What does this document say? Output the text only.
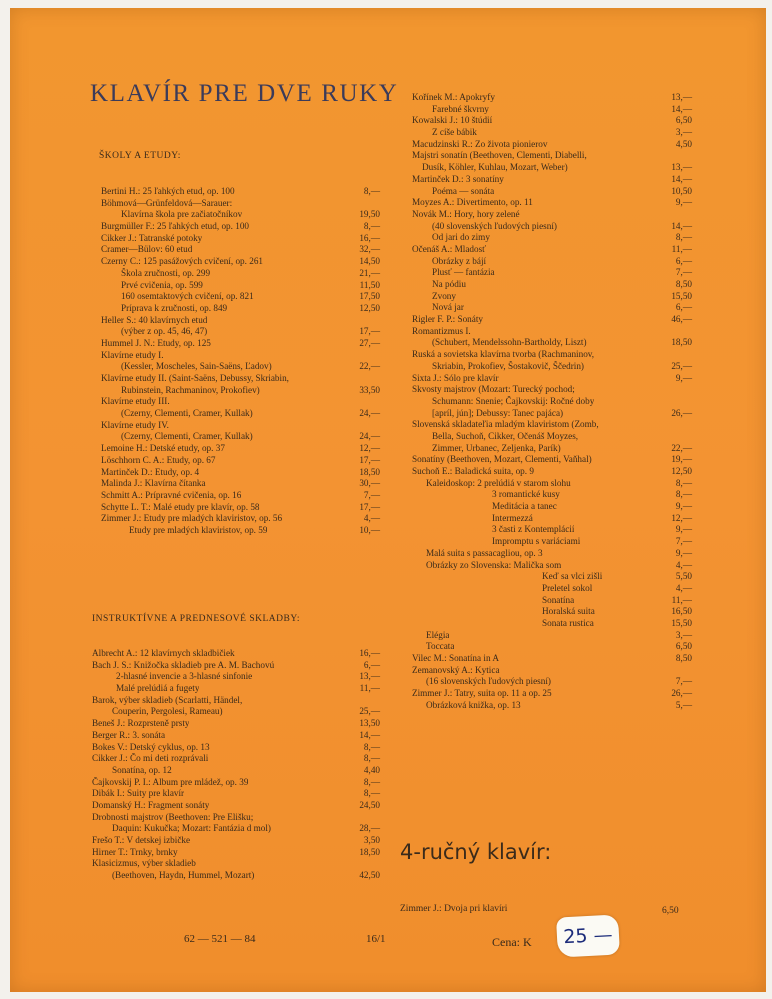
KLAVÍR PRE DVE RUKY
ŠKOLY A ETUDY:
Bertini H.: 25 ľahkých etud, op. 100	8,—
Böhmová—Grünfeldová—Sarauer:
Klavírna škola pre začiatočníkov	19,50
Burgmüller F.: 25 ľahkých etud, op. 100	8,—
Cikker J.: Tatranské potoky	16,—
Cramer—Bülov: 60 etud	32,—
Czerny C.: 125 pasážových cvičení, op. 261	14,50
Škola zručnosti, op. 299	21,—
Prvé cvičenia, op. 599	11,50
160 osemtaktových cvičení, op. 821	17,50
Príprava k zručnosti, op. 849	12,50
Heller S.: 40 klavírnych etud
(výber z op. 45, 46, 47)	17,—
Hummel J. N.: Etudy, op. 125	27,—
Klavírne etudy I.
(Kessler, Moscheles, Sain-Saëns, Ľadov)	22,—
Klavírne etudy II. (Saint-Saëns, Debussy, Skriabin,
Rubinstein, Rachmaninov, Prokofiev)	33,50
Klavírne etudy III.
(Czerny, Clementi, Cramer, Kullak)	24,—
Klavírne etudy IV.
(Czerny, Clementi, Cramer, Kullak)	24,—
Lemoine H.: Detské etudy, op. 37	12,—
Löschhorn C. A.: Etudy, op. 67	17,—
Martinček D.: Etudy, op. 4	18,50
Malinda J.: Klavírna čítanka	30,—
Schmitt A.: Prípravné cvičenia, op. 16	7,—
Schytte L. T.: Malé etudy pre klavír, op. 58	17,—
Zimmer J.: Etudy pre mladých klaviristov, op. 56	4,—
Etudy pre mladých klaviristov, op. 59	10,—
INSTRUKTÍVNE A PREDNESOVÉ SKLADBY:
Albrecht A.: 12 klavírnych skladbičiek	16,—
Bach J. S.: Knižočka skladieb pre A. M. Bachovú	6,—
2-hlasné invencie a 3-hlasné sinfonie	13,—
Malé prelúdiá a fugety	11,—
Barok, výber skladieb (Scarlatti, Händel,
Couperin, Pergolesi, Rameau)	25,—
Beneš J.: Rozprsteně prsty	13,50
Berger R.: 3. sonáta	14,—
Bokes V.: Detský cyklus, op. 13	8,—
Cikker J.: Čo mi deti rozprávali	8,—
Sonatína, op. 12	4,40
Čajkovskij P. I.: Album pre mládež, op. 39	8,—
Dibák I.: Suity pre klavír	8,—
Domanský H.: Fragment sonáty	24,50
Drobnosti majstrov (Beethoven: Pre Elišku;
Daquin: Kukučka; Mozart: Fantázia d mol)	28,—
Frešo T.: V detskej izbičke	3,50
Hirner T.: Trnky, brnky	18,50
Klasicizmus, výber skladieb
(Beethoven, Haydn, Hummel, Mozart)	42,50
Kořínek M.: Apokryfy	13,—
Farebné škvrny	14,—
Kowalski J.: 10 štúdií	6,50
Z cíše bábik	3,—
Macudzinski R.: Zo života pionierov	4,50
Majstri sonatín (Beethoven, Clementi, Diabelli,
Dusík, Köhler, Kuhlau, Mozart, Weber)	13,—
Martinček D.: 3 sonatíny	14,—
Poéma — sonáta	10,50
Moyzes A.: Divertimento, op. 11	9,—
Novák M.: Hory, hory zelené
(40 slovenských ľudových piesní)	14,—
Od jari do zimy	8,—
Očenáš A.: Mladosť	11,—
Obrázky z bájí	6,—
Plusť — fantázia	7,—
Na pódiu	8,50
Zvony	15,50
Nová jar	6,—
Rigler F. P.: Sonáty	46,—
Romantizmus I.
(Schubert, Mendelssohn-Bartholdy, Liszt)	18,50
Ruská a sovietska klavírna tvorba (Rachmaninov,
Skriabin, Prokofiev, Šostakovič, Ščedrin)	25,—
Sixta J.: Sólo pre klavír	9,—
Skvosty majstrov (Mozart: Turecký pochod;
Schumann: Snenie; Čajkovskij: Ročné doby
[apríl, jún]; Debussy: Tanec pajáca)	26,—
Slovenská skladateľia mladým klaviristom (Zomb,
Bella, Suchoň, Cikker, Očenáš Moyzes,
Zimmer, Urbanec, Zeljenka, Parík)	22,—
Sonatíny (Beethoven, Mozart, Clementi, Vaňhal)	19,—
Suchoň E.: Baladická suita, op. 9	12,50
Kaleidoskop: 2 prelúdiá v starom slohu	8,—
3 romantické kusy	8,—
Meditácia a tanec	9,—
Intermezzá	12,—
3 časti z Kontemplácií	9,—
Impromptu s variáciami	7,—
Malá suita s passacagliou, op. 3	9,—
Obrázky zo Slovenska: Malička som	4,—
Keď sa vlci zišli	5,50
Preletel sokol	4,—
Sonatína	11,—
Horalská suita	16,50
Sonata rustica	15,50
Elégia	3,—
Toccata	6,50
Vilec M.: Sonatína in A	8,50
Zemanovský A.: Kytica
(16 slovenských ľudových piesní)	7,—
Zimmer J.: Tatry, suita op. 11 a op. 25	26,—
Obrázková knižka, op. 13	5,—
4-ručný klavír:
Zimmer J.: Dvoja pri klavíri	6,50
62 — 521 — 84	16/1	Cena: K	25 —
